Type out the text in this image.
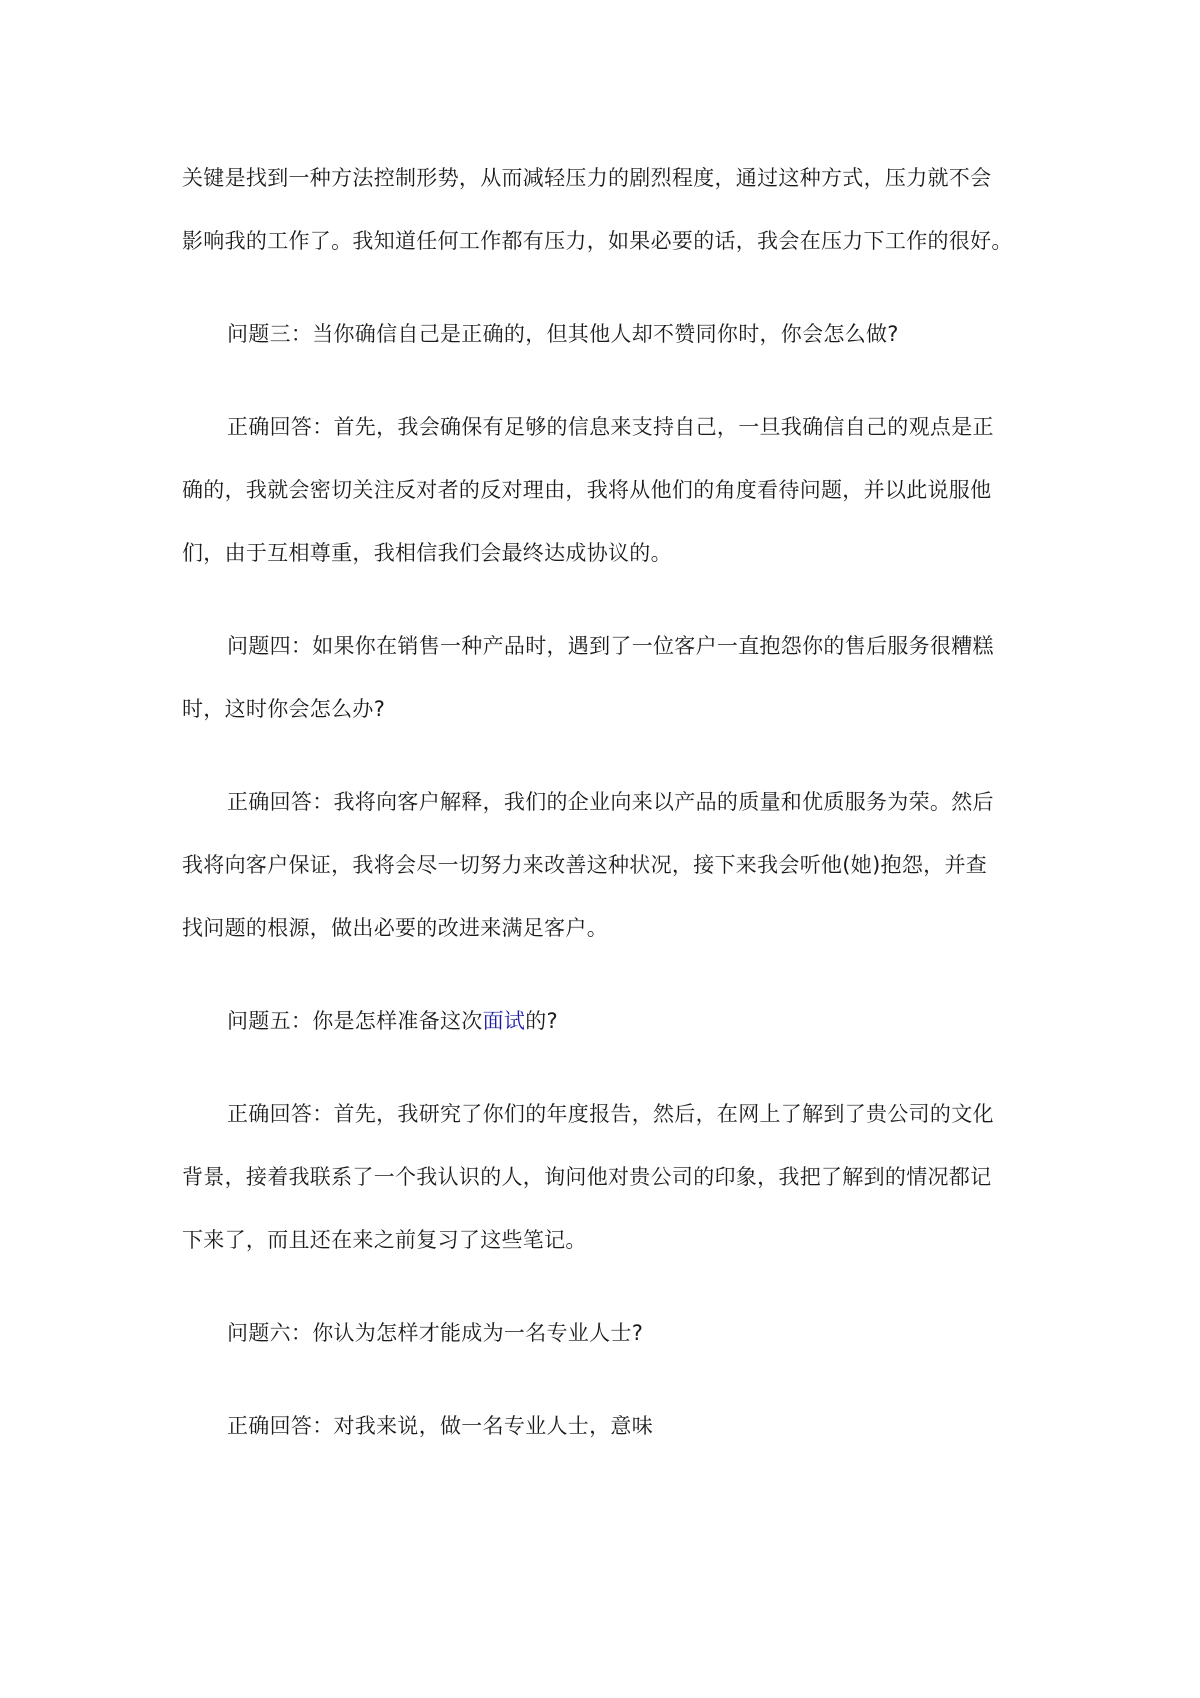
关键是找到一种方法控制形势，从而减轻压力的剧烈程度，通过这种方式，压力就不会

影响我的工作了。我知道任何工作都有压力，如果必要的话，我会在压力下工作的很好。

问题三：当你确信自己是正确的，但其他人却不赞同你时，你会怎么做?

正确回答：首先，我会确保有足够的信息来支持自己，一旦我确信自己的观点是正

确的，我就会密切关注反对者的反对理由，我将从他们的角度看待问题，并以此说服他

们，由于互相尊重，我相信我们会最终达成协议的。

问题四：如果你在销售一种产品时，遇到了一位客户一直抱怨你的售后服务很糟糕

时，这时你会怎么办?

正确回答：我将向客户解释，我们的企业向来以产品的质量和优质服务为荣。然后

我将向客户保证，我将会尽一切努力来改善这种状况，接下来我会听他(她)抱怨，并查

找问题的根源，做出必要的改进来满足客户。

问题五：你是怎样准备这次面试的?

正确回答：首先，我研究了你们的年度报告，然后，在网上了解到了贵公司的文化

背景，接着我联系了一个我认识的人，询问他对贵公司的印象，我把了解到的情况都记

下来了，而且还在来之前复习了这些笔记。

问题六：你认为怎样才能成为一名专业人士?

正确回答：对我来说，做一名专业人士，意味
